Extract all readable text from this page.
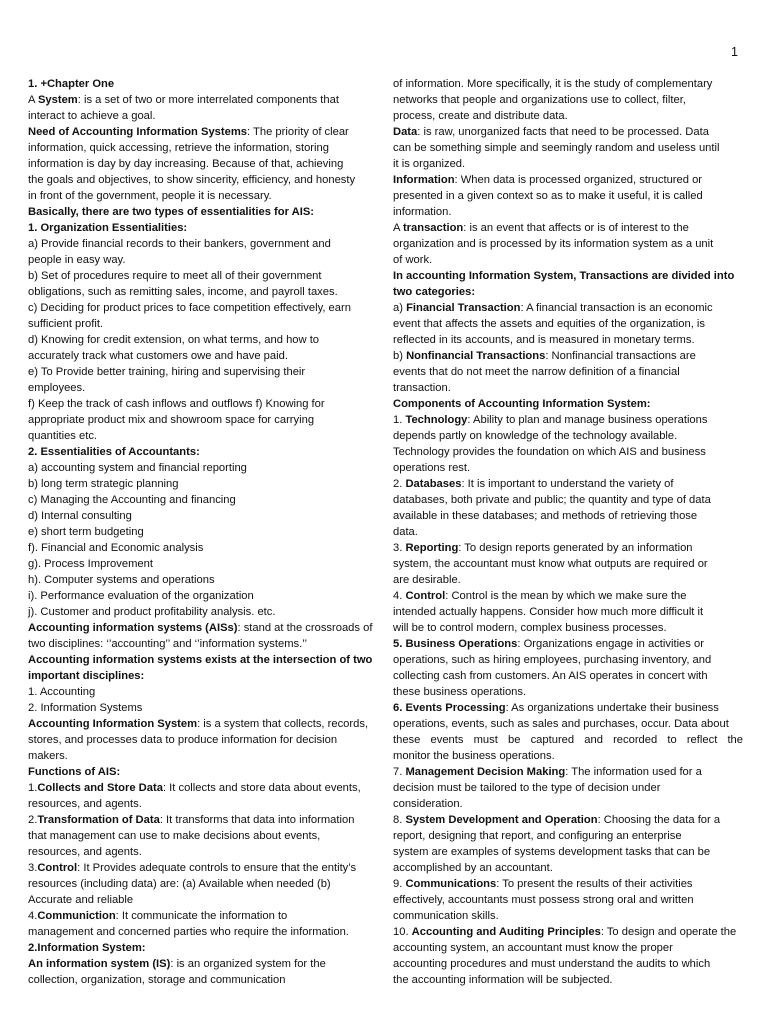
1
1. +Chapter One
A System: is a set of two or more interrelated components that
interact to achieve a goal.
Need of Accounting Information Systems: The priority of clear
information, quick accessing, retrieve the information, storing
information is day by day increasing. Because of that, achieving
the goals and objectives, to show sincerity, efficiency, and honesty
in front of the government, people it is necessary.
Basically, there are two types of essentialities for AIS:
1. Organization Essentialities:
a) Provide financial records to their bankers, government and
people in easy way.
b) Set of procedures require to meet all of their government
obligations, such as remitting sales, income, and payroll taxes.
c) Deciding for product prices to face competition effectively, earn
sufficient profit.
d) Knowing for credit extension, on what terms, and how to
accurately track what customers owe and have paid.
e) To Provide better training, hiring and supervising their
employees.
f) Keep the track of cash inflows and outflows f) Knowing for
appropriate product mix and showroom space for carrying
quantities etc.
2. Essentialities of Accountants:
a) accounting system and financial reporting
b) long term strategic planning
c) Managing the Accounting and financing
d) Internal consulting
e) short term budgeting
f). Financial and Economic analysis
g). Process Improvement
h). Computer systems and operations
i). Performance evaluation of the organization
j). Customer and product profitability analysis. etc.
Accounting information systems (AISs): stand at the crossroads of
two disciplines: ‘’accounting’’ and ‘’information systems.’’
Accounting information systems exists at the intersection of two
important disciplines:
1. Accounting
2. Information Systems
Accounting Information System: is a system that collects, records,
stores, and processes data to produce information for decision
makers.
Functions of AIS:
1.Collects and Store Data: It collects and store data about events,
resources, and agents.
2.Transformation of Data: It transforms that data into information
that management can use to make decisions about events,
resources, and agents.
3.Control: It Provides adequate controls to ensure that the entity’s
resources (including data) are: (a) Available when needed (b)
Accurate and reliable
4.Communiction: It communicate the information to
management and concerned parties who require the information.
2.Information System:
An information system (IS): is an organized system for the
collection, organization, storage and communication
of information. More specifically, it is the study of complementary
networks that people and organizations use to collect, filter,
process, create and distribute data.
Data: is raw, unorganized facts that need to be processed. Data
can be something simple and seemingly random and useless until
it is organized.
Information: When data is processed organized, structured or
presented in a given context so as to make it useful, it is called
information.
A transaction: is an event that affects or is of interest to the
organization and is processed by its information system as a unit
of work.
In accounting Information System, Transactions are divided into
two categories:
a) Financial Transaction: A financial transaction is an economic
event that affects the assets and equities of the organization, is
reflected in its accounts, and is measured in monetary terms.
b) Nonfinancial Transactions: Nonfinancial transactions are
events that do not meet the narrow definition of a financial
transaction.
Components of Accounting Information System:
1. Technology: Ability to plan and manage business operations
depends partly on knowledge of the technology available.
Technology provides the foundation on which AIS and business
operations rest.
2. Databases: It is important to understand the variety of
databases, both private and public; the quantity and type of data
available in these databases; and methods of retrieving those
data.
3. Reporting: To design reports generated by an information
system, the accountant must know what outputs are required or
are desirable.
4. Control: Control is the mean by which we make sure the
intended actually happens. Consider how much more difficult it
will be to control modern, complex business processes.
5. Business Operations: Organizations engage in activities or
operations, such as hiring employees, purchasing inventory, and
collecting cash from customers. An AIS operates in concert with
these business operations.
6. Events Processing: As organizations undertake their business
operations, events, such as sales and purchases, occur. Data about
these events must be captured and recorded to reflect the
monitor the business operations.
7. Management Decision Making: The information used for a
decision must be tailored to the type of decision under
consideration.
8. System Development and Operation: Choosing the data for a
report, designing that report, and configuring an enterprise
system are examples of systems development tasks that can be
accomplished by an accountant.
9. Communications: To present the results of their activities
effectively, accountants must possess strong oral and written
communication skills.
10. Accounting and Auditing Principles: To design and operate the
accounting system, an accountant must know the proper
accounting procedures and must understand the audits to which
the accounting information will be subjected.
